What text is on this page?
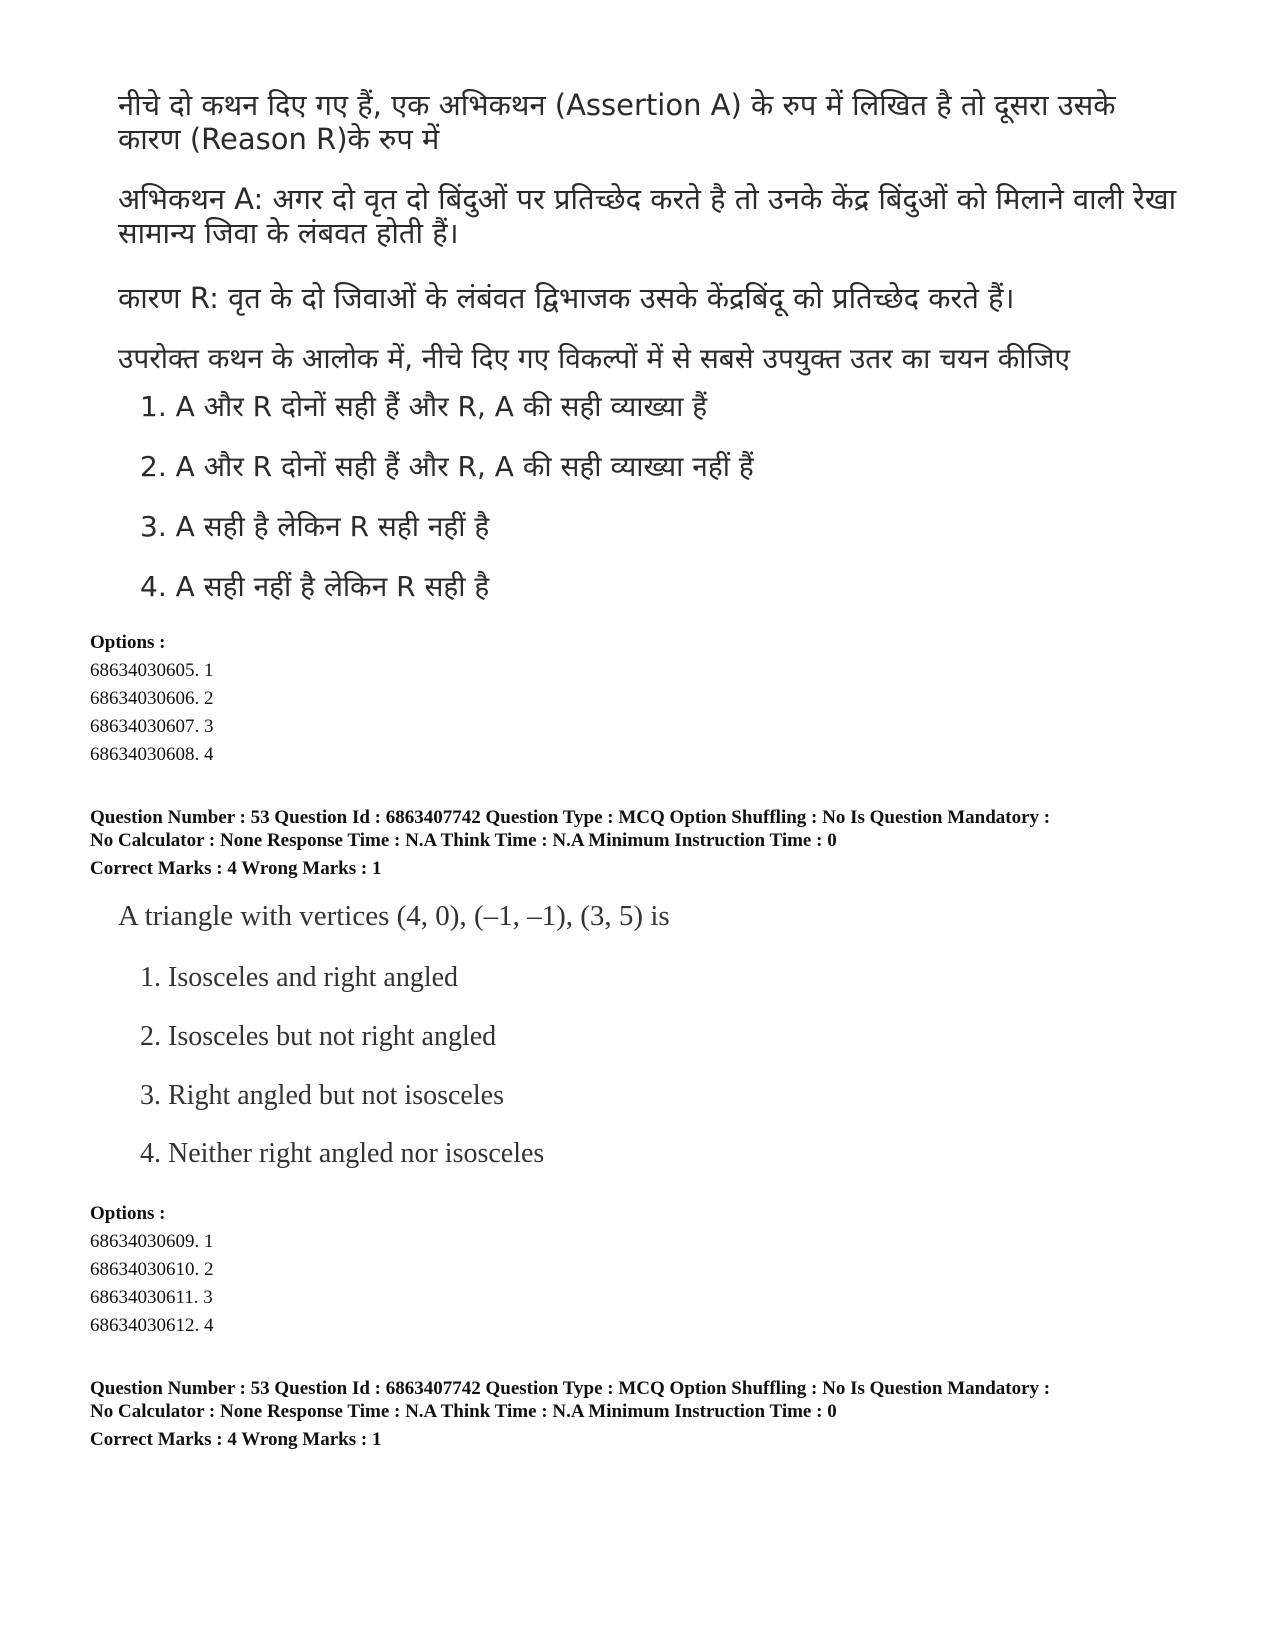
नीचे दो कथन दिए गए हैं, एक अभिकथन (Assertion A) के रुप में लिखित है तो दूसरा उसके कारण (Reason R)के रुप में

अभिकथन A: अगर दो वृत दो बिंदुओं पर प्रतिच्छेद करते है तो उनके केंद्र बिंदुओं को मिलाने वाली रेखा सामान्य जिवा के लंबवत होती हैं।

कारण R: वृत के दो जिवाओं के लंबंवत द्विभाजक उसके केंद्रबिंदू को प्रतिच्छेद करते हैं।

उपरोक्त कथन के आलोक में, नीचे दिए गए विकल्पों में से सबसे उपयुक्त उतर का चयन कीजिए

1. A और R दोनों सही हैं और R, A की सही व्याख्या हैं
2. A और R दोनों सही हैं और R, A की सही व्याख्या नहीं हैं
3. A सही है लेकिन R सही नहीं है
4. A सही नहीं है लेकिन R सही है
Options :
68634030605. 1
68634030606. 2
68634030607. 3
68634030608. 4
Question Number : 53 Question Id : 6863407742 Question Type : MCQ Option Shuffling : No Is Question Mandatory :
No Calculator : None Response Time : N.A Think Time : N.A Minimum Instruction Time : 0
Correct Marks : 4 Wrong Marks : 1
A triangle with vertices (4, 0), (–1, –1), (3, 5) is
1. Isosceles and right angled
2. Isosceles but not right angled
3. Right angled but not isosceles
4. Neither right angled nor isosceles
Options :
68634030609. 1
68634030610. 2
68634030611. 3
68634030612. 4
Question Number : 53 Question Id : 6863407742 Question Type : MCQ Option Shuffling : No Is Question Mandatory :
No Calculator : None Response Time : N.A Think Time : N.A Minimum Instruction Time : 0
Correct Marks : 4 Wrong Marks : 1
